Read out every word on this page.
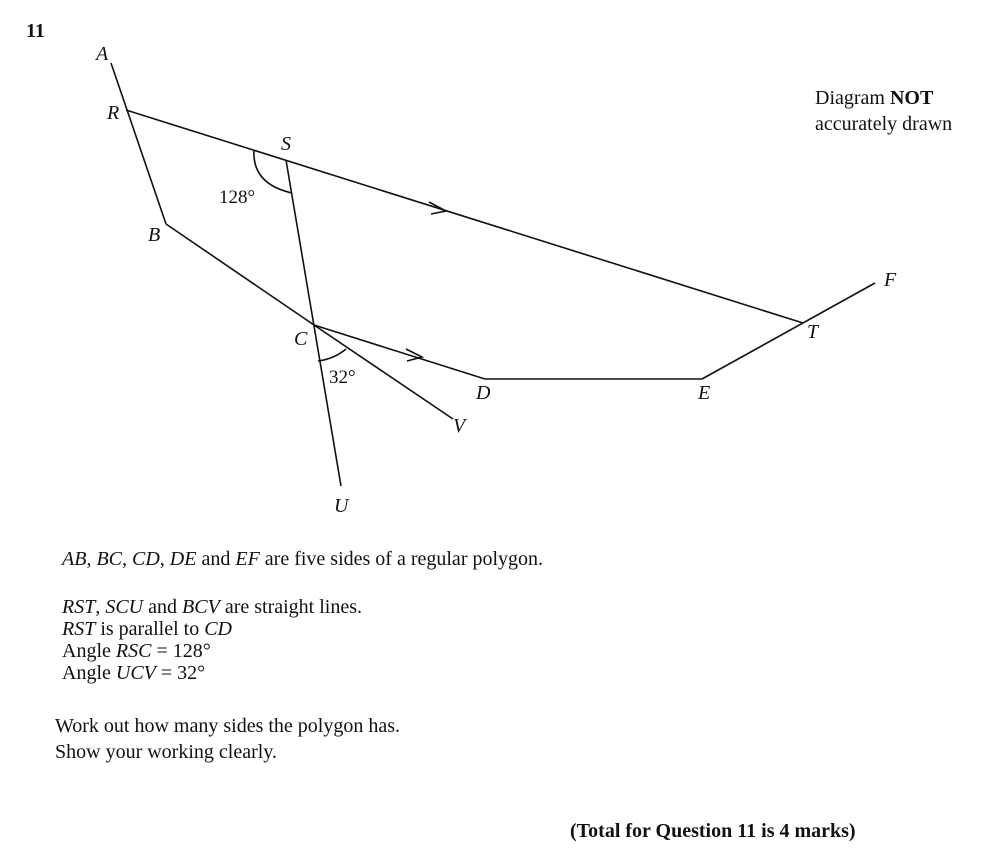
11
A
R
S
B
C
D	E
F
T
U
V
128°
32°
Diagram NOT
accurately drawn
AB, BC, CD, DE and EF are five sides of a regular polygon.
RST, SCU and BCV are straight lines.
RST is parallel to CD
Angle RSC = 128°
Angle UCV = 32°
Work out how many sides the polygon has.
Show your working clearly.
(Total for Question 11 is 4 marks)
